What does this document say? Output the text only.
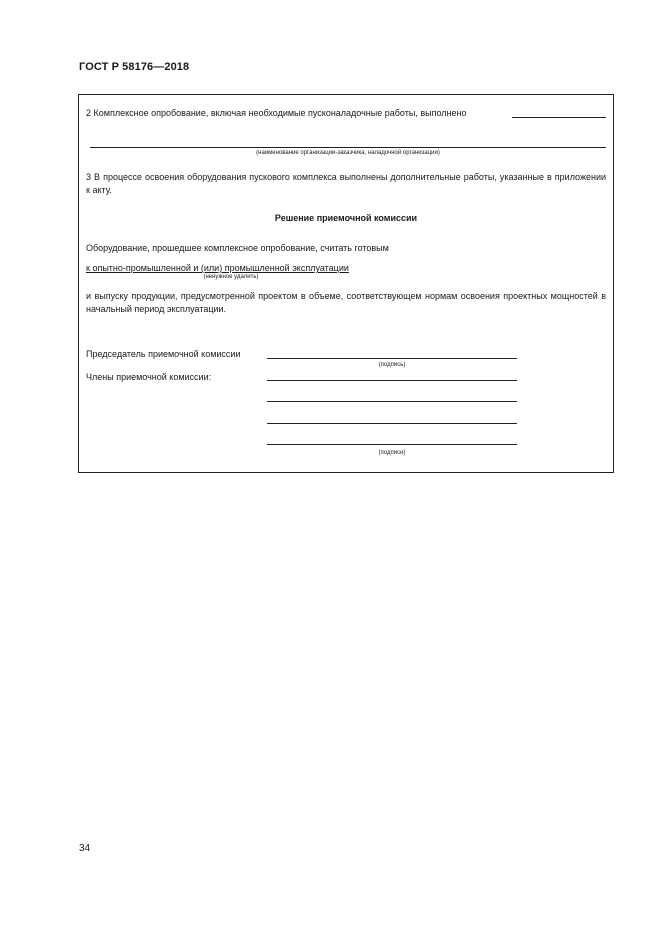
ГОСТ Р 58176—2018
2 Комплексное опробование, включая необходимые пусконаладочные работы, выполнено
(наименование организации-заказчика, наладочной организации)
3 В процессе освоения оборудования пускового комплекса выполнены дополнительные работы, указанные в приложении к акту.
Решение приемочной комиссии
Оборудование, прошедшее комплексное опробование, считать готовым
к опытно-промышленной и (или) промышленной эксплуатации
(ненужное удалить)
и выпуску продукции, предусмотренной проектом в объеме, соответствующем нормам освоения проектных мощностей в начальный период эксплуатации.
Председатель приемочной комиссии
(подпись)
Члены приемочной комиссии:
(подписи)
34
